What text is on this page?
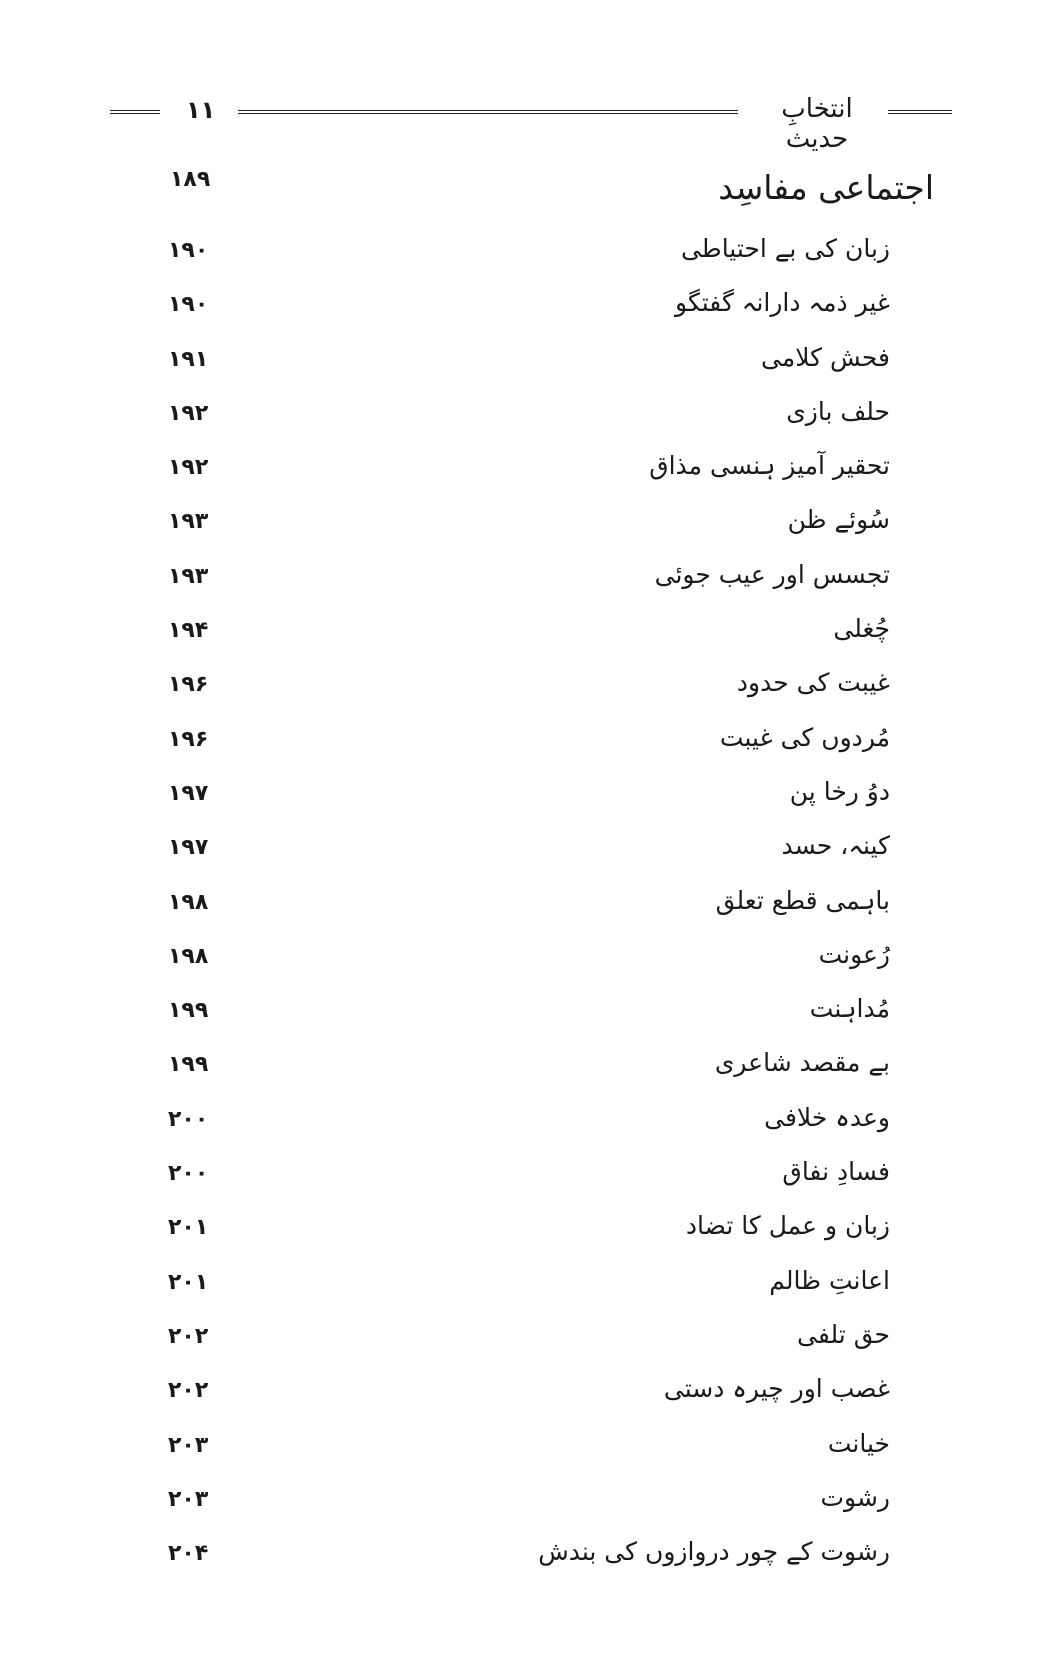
۱۱	انتخابِ حدیث
اجتماعی مفاسِد
۱۸۹
زبان کی بے احتیاطی
۱۹۰
غیر ذمہ دارانہ گفتگو
۱۹۰
فحش کلامی
۱۹۱
حلف بازی
۱۹۲
تحقیر آمیز ہنسی مذاق
۱۹۲
سُوئے ظن
۱۹۳
تجسس اور عیب جوئی
۱۹۳
چُغلی
۱۹۴
غیبت کی حدود
۱۹۶
مُردوں کی غیبت
۱۹۶
دوُ رخا پن
۱۹۷
کینہ، حسد
۱۹۷
باہمی قطع تعلق
۱۹۸
رُعونت
۱۹۸
مُداہنت
۱۹۹
بے مقصد شاعری
۱۹۹
وعدہ خلافی
۲۰۰
فسادِ نفاق
۲۰۰
زبان و عمل کا تضاد
۲۰۱
اعانتِ ظالم
۲۰۱
حق تلفی
۲۰۲
غصب اور چیرہ دستی
۲۰۲
خیانت
۲۰۳
رشوت
۲۰۳
رشوت کے چور دروازوں کی بندش
۲۰۴
